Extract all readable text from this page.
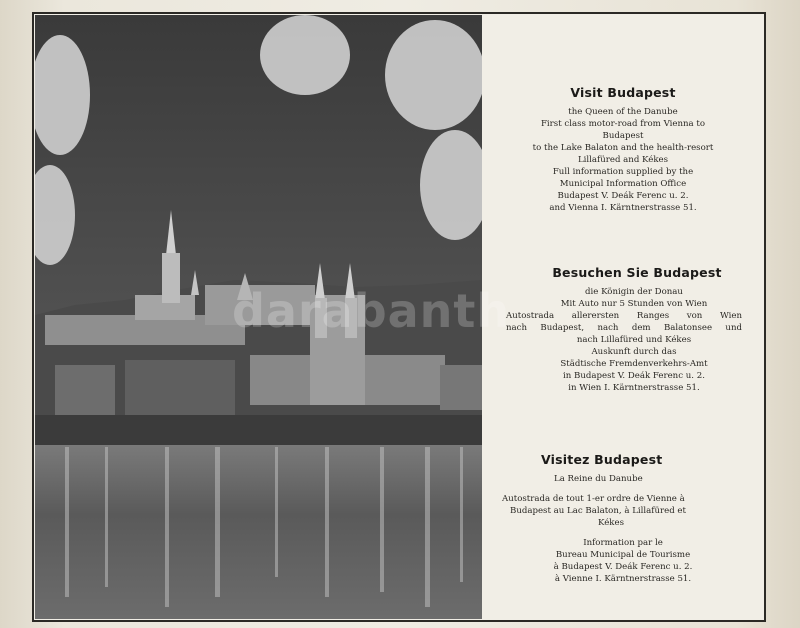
darabanth
Visit Budapest
the Queen of the Danube
First class motor-road from Vienna to
Budapest
to the Lake Balaton and the health-resort
Lillafüred and Kékes
Full information supplied by the
Municipal Information Office
Budapest V. Deák Ferenc u. 2.
and Vienna I. Kärntnerstrasse 51.
Besuchen Sie Budapest
die Königin der Donau
Mit Auto nur 5 Stunden von Wien
Autostrada allerersten Ranges von Wien
nach Budapest, nach dem Balatonsee und
nach Lillafüred und Kékes
Auskunft durch das
Städtische Fremdenverkehrs-Amt
in Budapest V. Deák Ferenc u. 2.
in Wien I. Kärntnerstrasse 51.
Visitez Budapest
La Reine du Danube
Autostrada de tout 1-er ordre de Vienne à
Budapest au Lac Balaton, à Lillafüred et
Kékes
Information par le
Bureau Municipal de Tourisme
à Budapest V. Deák Ferenc u. 2.
à Vienne I. Kärntnerstrasse 51.
